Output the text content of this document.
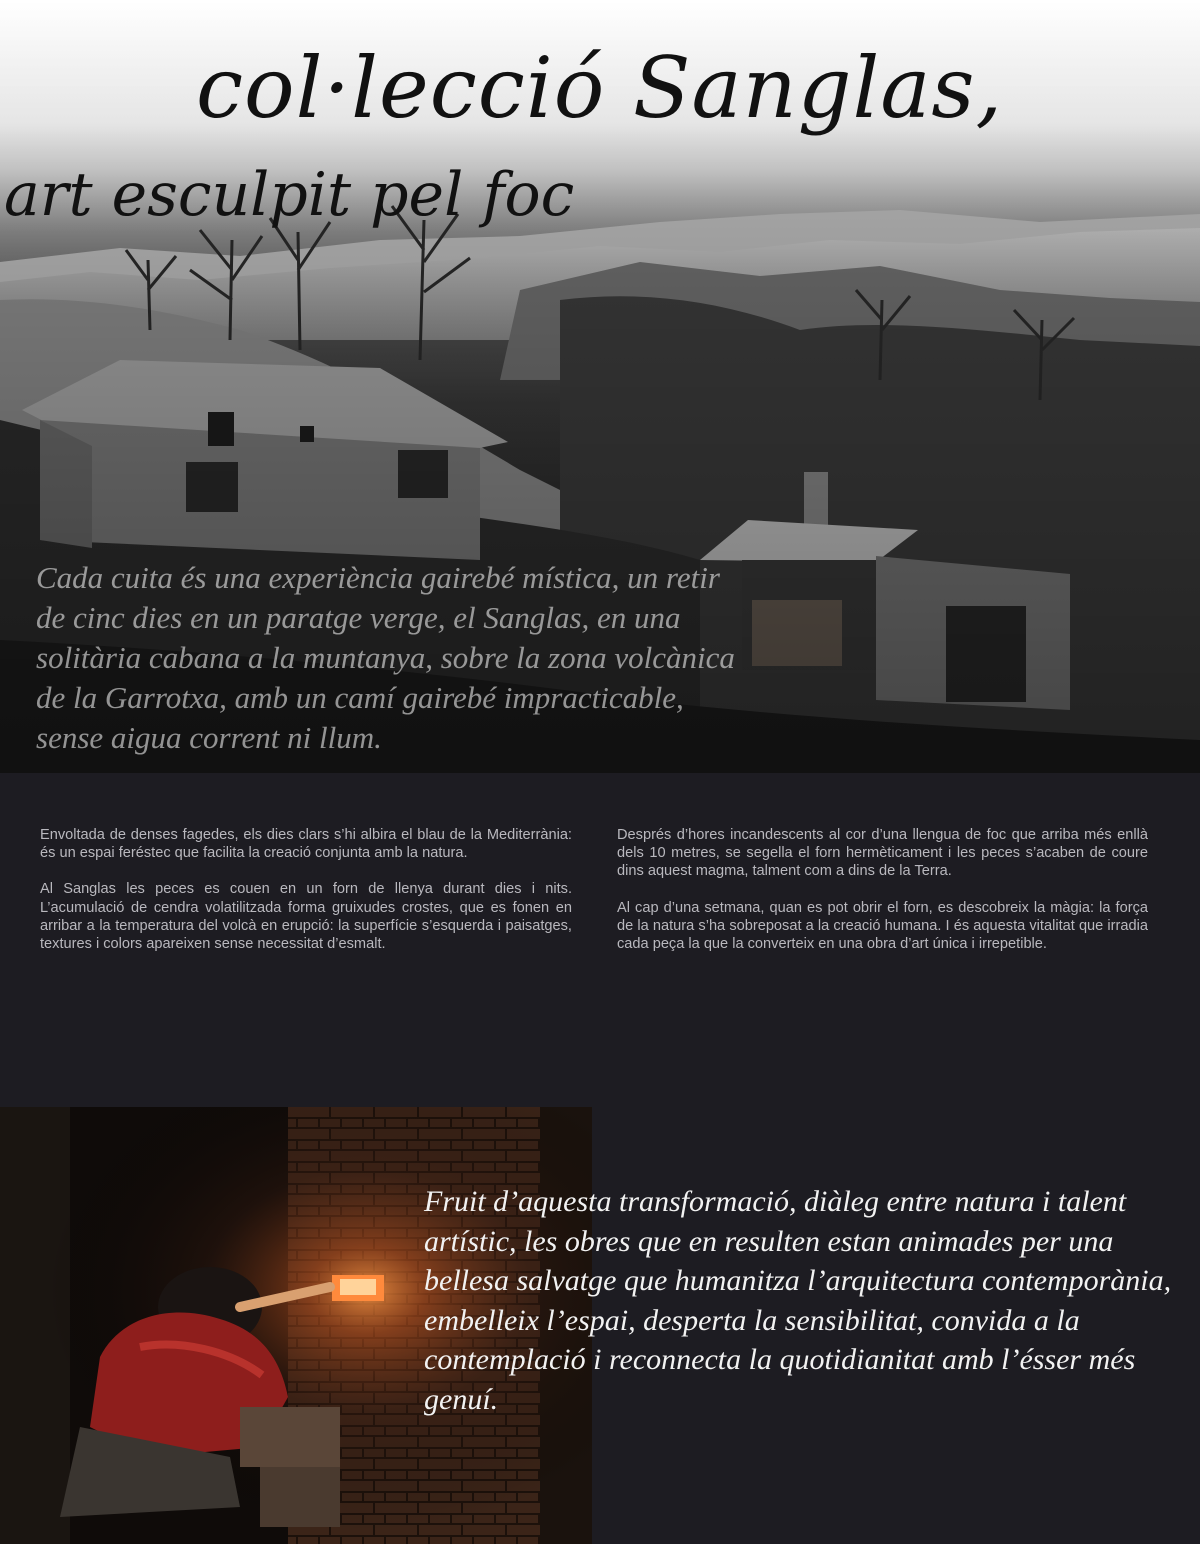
col·lecció Sanglas,
art esculpit pel foc

Cada cuita és una experiència gairebé mística, un retir de cinc dies en un paratge verge, el Sanglas, en una solitària cabana a la muntanya, sobre la zona volcànica de la Garrotxa, amb un camí gairebé impracticable, sense aigua corrent ni llum.

Envoltada de denses fagedes, els dies clars s’hi albira el blau de la Mediterrània: és un espai feréstec que facilita la creació conjunta amb la natura.

Al Sanglas les peces es couen en un forn de llenya durant dies i nits. L’acumulació de cendra volatilitzada forma gruixudes crostes, que es fonen en arribar a la temperatura del volcà en erupció: la superfície s’esquerda i paisatges, textures i colors apareixen sense necessitat d’esmalt.

Després d’hores incandescents al cor d’una llengua de foc que arriba més enllà dels 10 metres, se segella el forn hermèticament i les peces s’acaben de coure dins aquest magma, talment com a dins de la Terra.

Al cap d’una setmana, quan es pot obrir el forn, es descobreix la màgia: la força de la natura s’ha sobreposat a la creació humana. I és aquesta vitalitat que irradia cada peça la que la converteix en una obra d’art única i irrepetible.

Fruit d’aquesta transformació, diàleg entre natura i talent artístic, les obres que en resulten estan animades per una bellesa salvatge que humanitza l’arquitectura contemporània, embelleix l’espai, desperta la sensibilitat, convida a la contemplació i reconnecta la quotidianitat amb l’ésser més genuí.
